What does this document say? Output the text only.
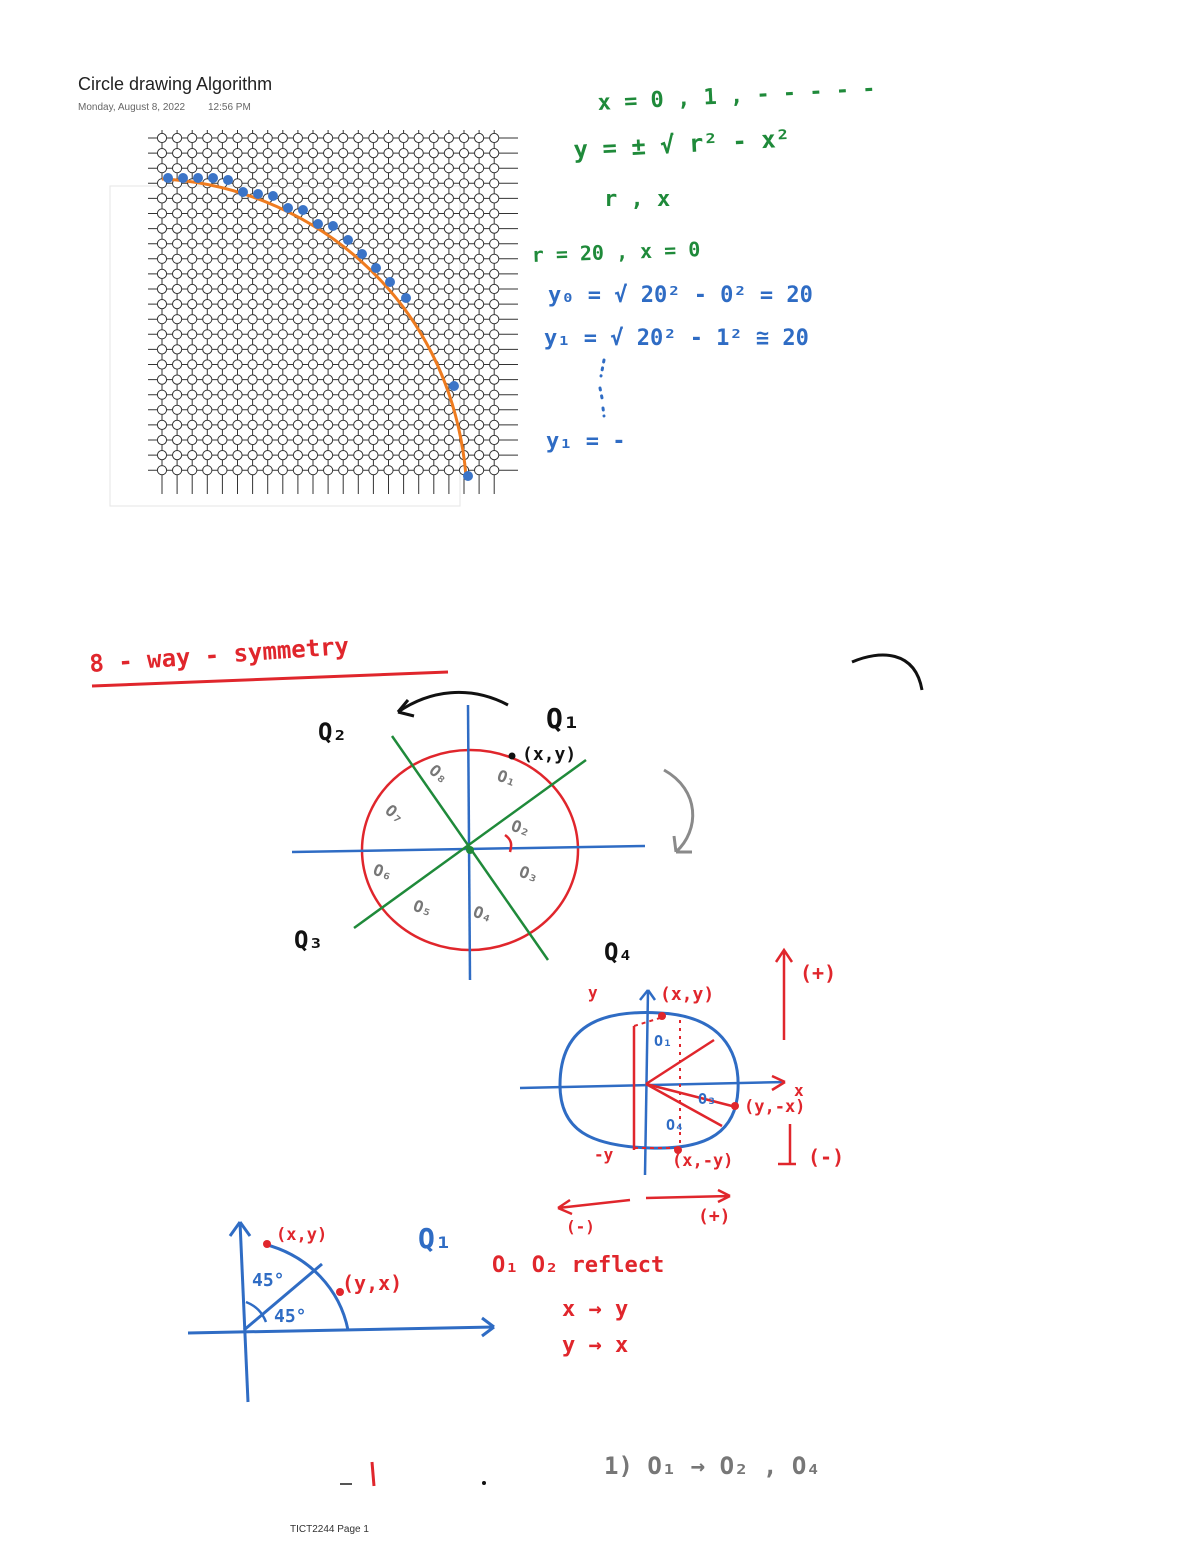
Circle drawing Algorithm
Monday, August 8, 2022 12:56 PM	x = 0 , 1 , - - - - -
y = ± √ r² - x²
r , x
r = 20 , x = 0
y₀ = √ 20² - 0² = 20
y₁ = √ 20² - 1² ≅ 20
y₁ = -
8 - way - symmetry
Q₂	Q₁
Q₃	Q₄
(x,y)
O₁
O₂
O₃
O₄
O₅
O₆
O₇
O₈
y
x
-y
(x,y)
(y,-x)
(x,-y)
(+)
(-)
(-)	(+)
O₁
O₃
O₄
(x,y)
(y,x)
45°
45°
Q₁
O₁ O₂ reflect
x → y
y → x
1) O₁ → O₂ , O₄
TICT2244 Page 1
